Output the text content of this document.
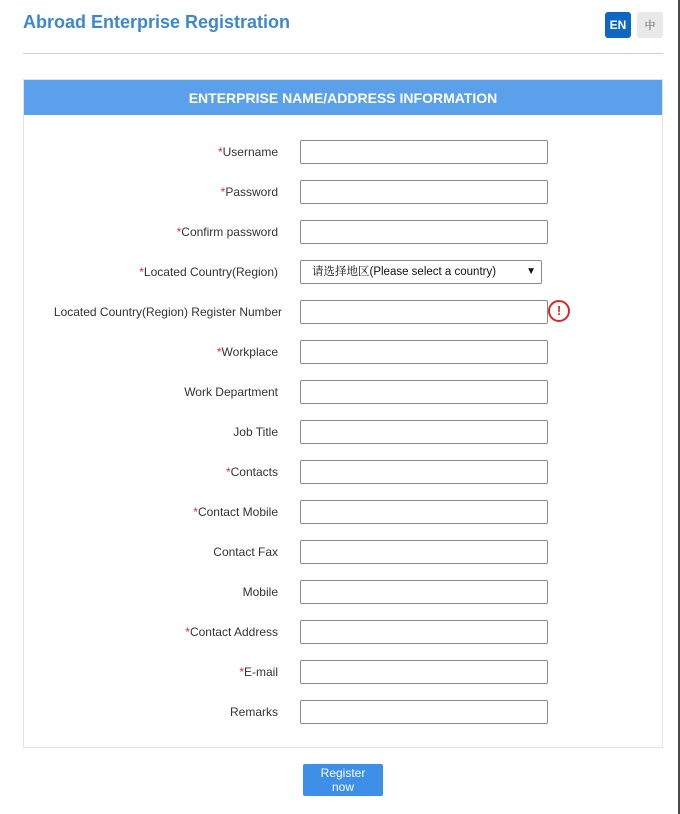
Abroad Enterprise Registration	EN	中
ENTERPRISE NAME/ADDRESS INFORMATION
*Username
*Password
*Confirm password
*Located Country(Region)	请选择地区(Please select a country)	▼
Located Country(Region) Register Number	!
*Workplace
Work Department
Job Title
*Contacts
*Contact Mobile
Contact Fax
Mobile
*Contact Address
*E-mail
Remarks
Register now
